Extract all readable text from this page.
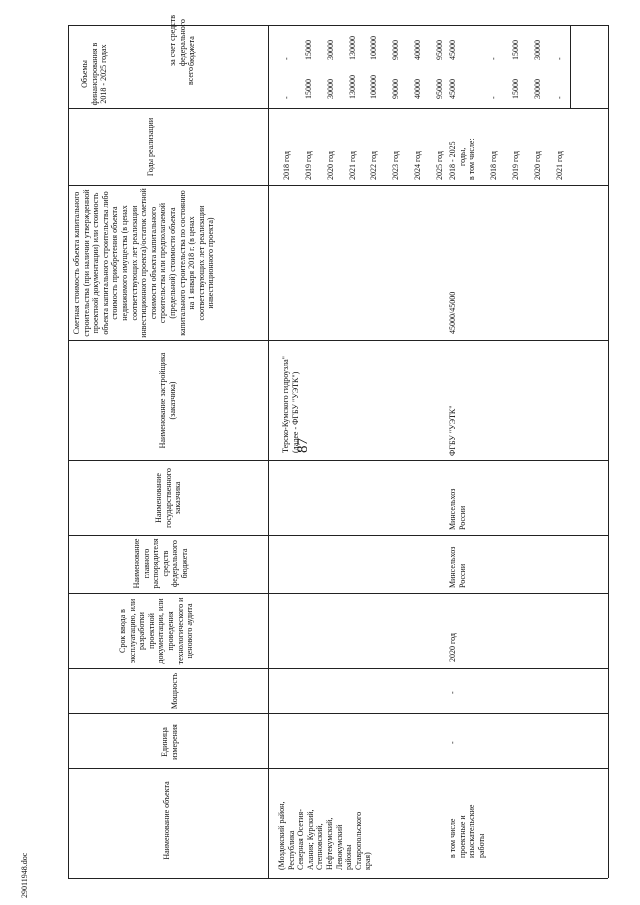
87
29011948.doc
Наименование объекта
Единица измерения
Мощность
Срок ввода в эксплуатацию, или разработки проектной документации, или проведения технологического и ценового аудита
Наименование главного распорядителя средств федерального бюджета
Наименование государственного заказчика
Наименование застройщика (заказчика)
Сметная стоимость объекта капитального строительства (при наличии утвержденной проектной документации) или стоимость объекта капитального строительства либо стоимость приобретения объекта недвижимого имущества (в ценах соответствующих лет реализации инвестиционного проекта)/остаток сметной стоимости объекта капитального строительства или предполагаемой (предельной) стоимости объекта капитального строительства по состоянию на 1 января 2018 г. (в ценах соответствующих лет реализации инвестиционного проекта)
Годы реализации
Объемы финансирования в 2018 - 2025 годах	всего
за счет средств федерального бюджета
(Моздокский район, Республика Северная Осетия- Алания; Курский, Степновский, Нефтекумский, Левокумский районы Ставропольского края)
Терско-Кумского гидроузла" (далее - ФГБУ "УЭТК")
2018 год
-
-
2019 год
15000
15000
2020 год
30000
30000
2021 год
130000
130000
2022 год
100000
100000
2023 год
90000
90000
2024 год
40000
40000
2025 год
95000
95000
в том числе проектные и изыскательские работы
-
-
2020 год
Минсельхоз России
Минсельхоз России
ФГБУ "УЭТК"
45000/45000
2018 - 2025 годы, в том числе:
45000
45000
2018 год
-
-
2019 год
15000
15000
2020 год
30000
30000
2021 год
-
-
